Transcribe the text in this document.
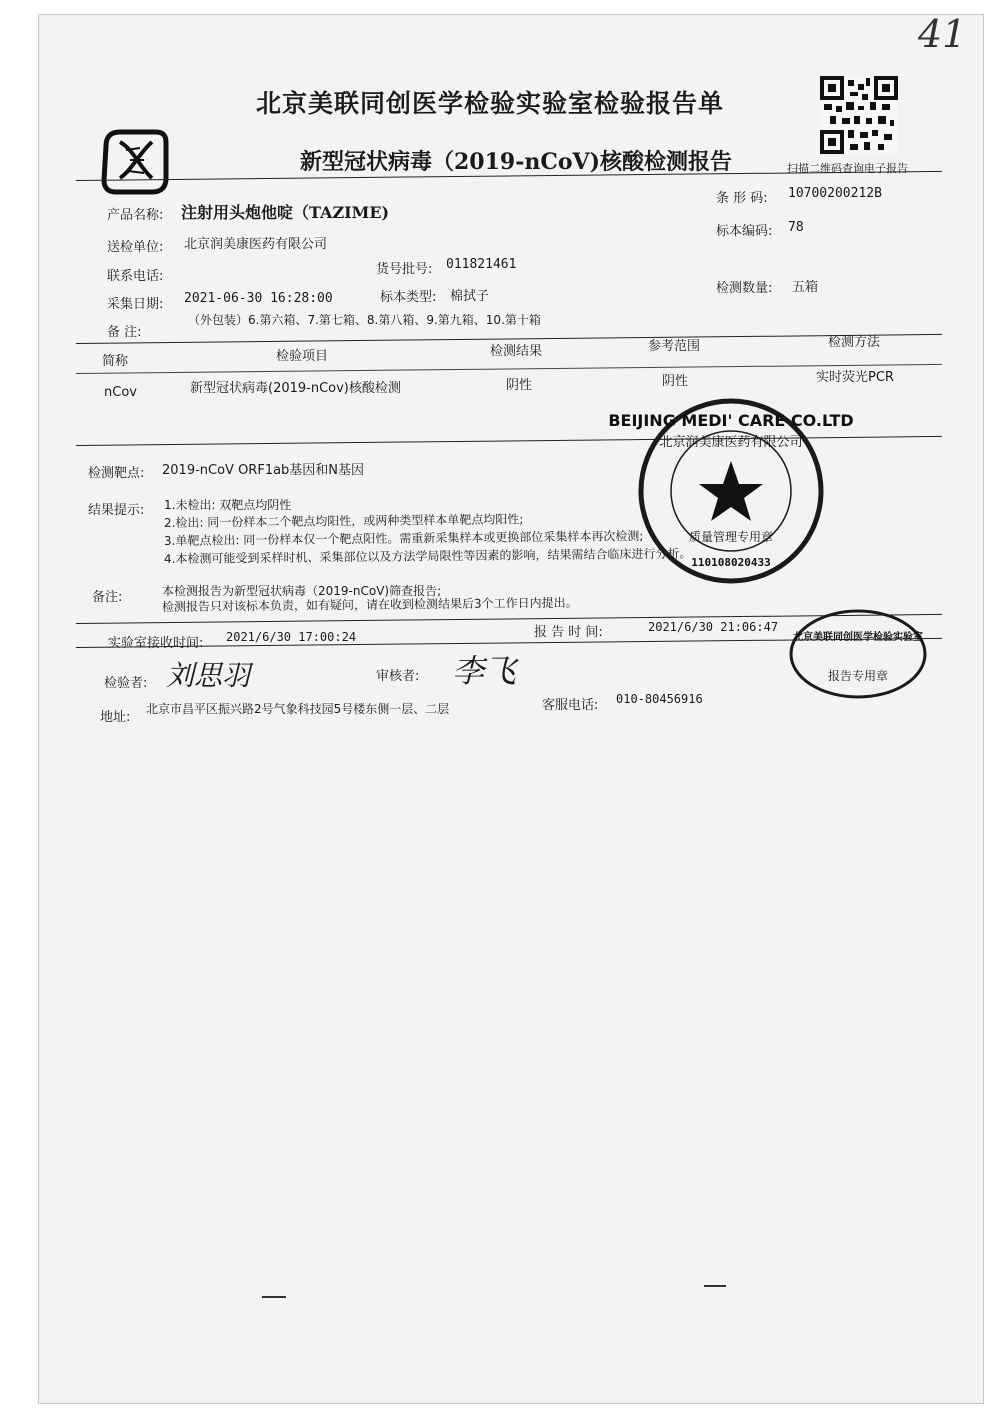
41
北京美联同创医学检验实验室检验报告单
新型冠状病毒（2019-nCoV)核酸检测报告	扫描二维码查询电子报告
产品名称: 注射用头炮他啶（TAZIME)
条 形 码: 10700200212B
送检单位: 北京润美康医药有限公司
标本编码: 78
联系电话:	货号批号: 011821461
检测数量: 五箱
采集日期: 2021-06-30 16:28:00	标本类型: 棉拭子
备 注:
（外包装）6.第六箱、7.第七箱、8.第八箱、9.第九箱、10.第十箱
简称	检验项目	检测结果	参考范围	检测方法
nCov	新型冠状病毒(2019-nCov)核酸检测	阴性	阴性	实时荧光PCR
检测靶点: 2019-nCoV ORF1ab基因和N基因
结果提示: 1.未检出: 双靶点均阴性
2.检出: 同一份样本二个靶点均阳性，或两种类型样本单靶点均阳性;
3.单靶点检出: 同一份样本仅一个靶点阳性。需重新采集样本或更换部位采集样本再次检测;
4.本检测可能受到采样时机、采集部位以及方法学局限性等因素的影响，结果需结合临床进行分析。
备注:	本检测报告为新型冠状病毒（2019-nCoV)筛查报告;
检测报告只对该标本负责，如有疑问，请在收到检测结果后3个工作日内提出。
实验室接收时间: 2021/6/30 17:00:24	报 告 时 间:	2021/6/30 21:06:47
检验者: 刘思羽	审核者: 李飞
地址:
北京市昌平区振兴路2号气象科技园5号楼东侧一层、二层	客服电话: 010-80456916
BEIJING MEDI' CARE CO.LTD
北京润美康医药有限公司
质量管理专用章
110108020433
北京美联同创医学检验实验室
报告专用章
